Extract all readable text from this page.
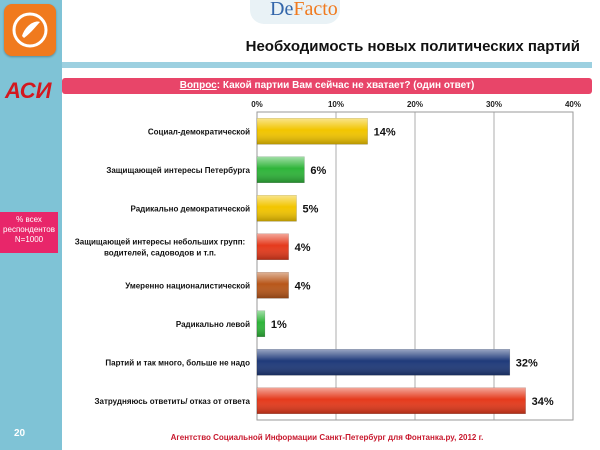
АСИ
% всех
респондентов
N=1000
20
DeFacto
Необходимость новых политических партий
Вопрос: Какой партии Вам сейчас не хватает? (один ответ)
0%	10%	20%	30%	40%
14%
Социал-демократической
6%
Защищающей интересы Петербурга
5%
Радикально демократической
4%
Защищающей интересы небольших групп: водителей, садоводов и т.п.
4%
Умеренно националистической
1%
Радикально левой
32%
Партий и так много, больше не надо
34%
Затрудняюсь ответить/ отказ от ответа
Агентство Социальной Информации Санкт-Петербург для Фонтанка.ру, 2012 г.
